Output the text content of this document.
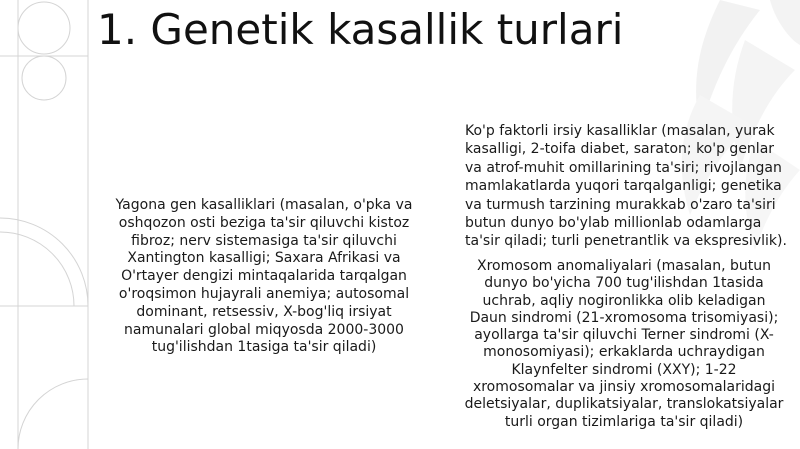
1. Genetik kasallik turlari

Yagona gen kasalliklari (masalan, o'pka va oshqozon osti beziga ta'sir qiluvchi kistoz fibroz; nerv sistemasiga ta'sir qiluvchi Xantington kasalligi; Saxara Afrikasi va O'rtayer dengizi mintaqalarida tarqalgan o'roqsimon hujayrali anemiya; autosomal dominant, retsessiv, X-bog'liq irsiyat namunalari global miqyosda 2000-3000 tug'ilishdan 1tasiga ta'sir qiladi)

Ko'p faktorli irsiy kasalliklar (masalan, yurak kasalligi, 2-toifa diabet, saraton; ko'p genlar va atrof-muhit omillarining ta'siri; rivojlangan mamlakatlarda yuqori tarqalganligi; genetika va turmush tarzining murakkab o'zaro ta'siri butun dunyo bo'ylab millionlab odamlarga ta'sir qiladi; turli penetrantlik va ekspresivlik).

Xromosom anomaliyalari (masalan, butun dunyo bo'yicha 700 tug'ilishdan 1tasida uchrab, aqliy nogironlikka olib keladigan Daun sindromi (21-xromosoma trisomiyasi); ayollarga ta'sir qiluvchi Terner sindromi (X-monosomiyasi); erkaklarda uchraydigan Klaynfelter sindromi (XXY); 1-22 xromosomalar va jinsiy xromosomalaridagi deletsiyalar, duplikatsiyalar, translokatsiyalar turli organ tizimlariga ta'sir qiladi)
